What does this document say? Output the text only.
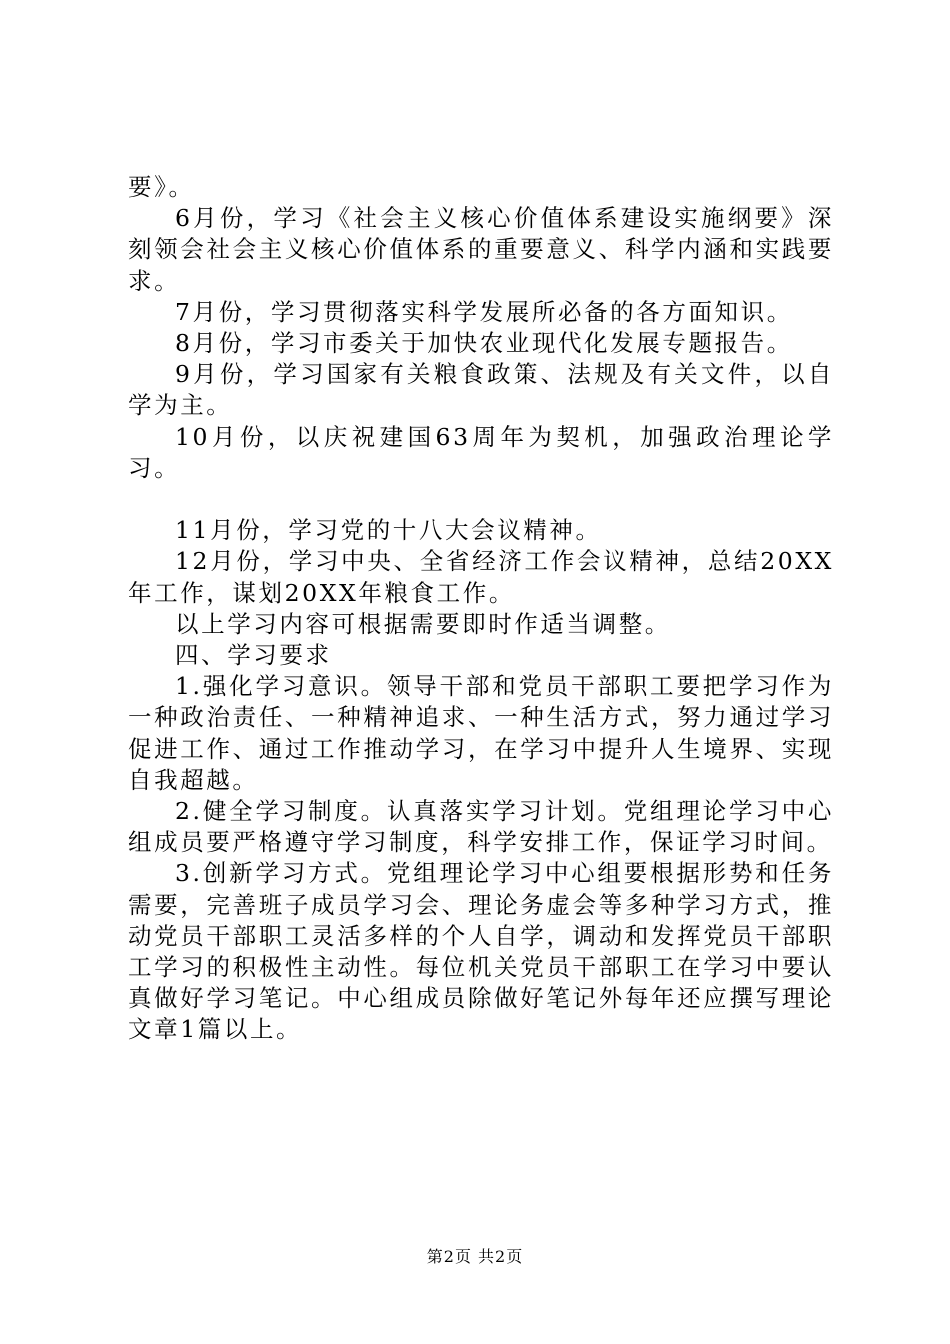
要》。

6月份，学习《社会主义核心价值体系建设实施纲要》深刻领会社会主义核心价值体系的重要意义、科学内涵和实践要求。

7月份，学习贯彻落实科学发展所必备的各方面知识。

8月份，学习市委关于加快农业现代化发展专题报告。

9月份，学习国家有关粮食政策、法规及有关文件，以自学为主。

10月份，以庆祝建国63周年为契机，加强政治理论学习。

11月份，学习党的十八大会议精神。

12月份，学习中央、全省经济工作会议精神，总结20XX年工作，谋划20XX年粮食工作。

以上学习内容可根据需要即时作适当调整。

四、学习要求

1.强化学习意识。领导干部和党员干部职工要把学习作为一种政治责任、一种精神追求、一种生活方式，努力通过学习促进工作、通过工作推动学习，在学习中提升人生境界、实现自我超越。

2.健全学习制度。认真落实学习计划。党组理论学习中心组成员要严格遵守学习制度，科学安排工作，保证学习时间。

3.创新学习方式。党组理论学习中心组要根据形势和任务需要，完善班子成员学习会、理论务虚会等多种学习方式，推动党员干部职工灵活多样的个人自学，调动和发挥党员干部职工学习的积极性主动性。每位机关党员干部职工在学习中要认真做好学习笔记。中心组成员除做好笔记外每年还应撰写理论文章1篇以上。

第2页 共2页
